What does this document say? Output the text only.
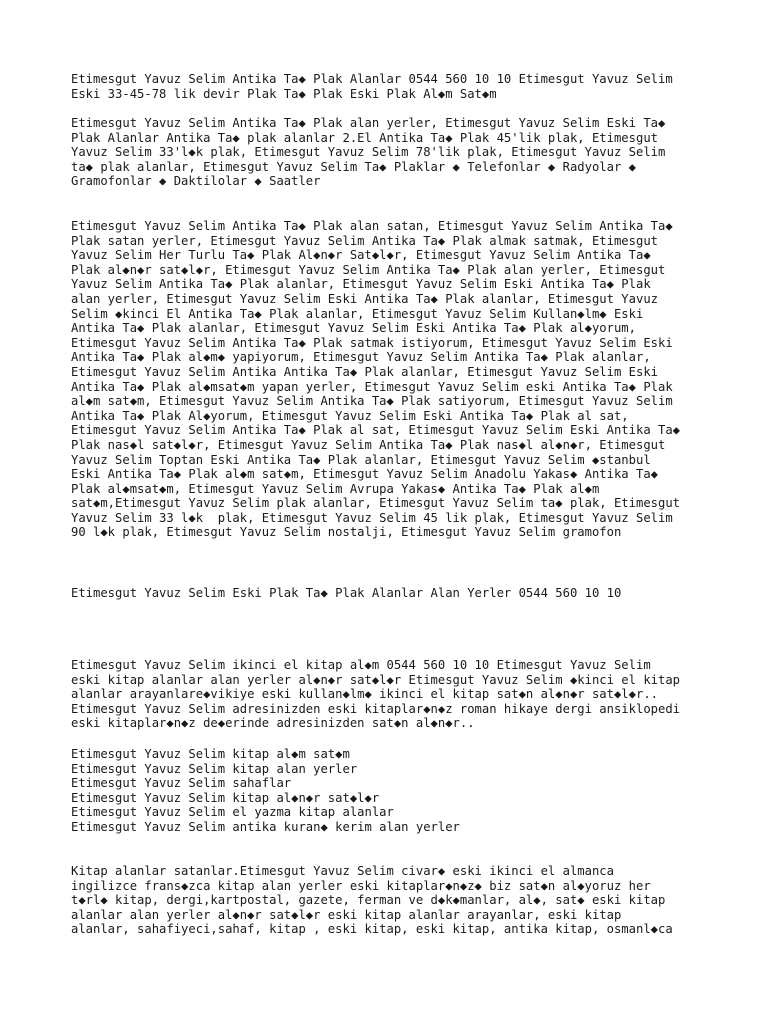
Etimesgut Yavuz Selim Antika Ta◆ Plak Alanlar 0544 560 10 10 Etimesgut Yavuz Selim
Eski 33-45-78 lik devir Plak Ta◆ Plak Eski Plak Al◆m Sat◆m

Etimesgut Yavuz Selim Antika Ta◆ Plak alan yerler, Etimesgut Yavuz Selim Eski Ta◆
Plak Alanlar Antika Ta◆ plak alanlar 2.El Antika Ta◆ Plak 45'lik plak, Etimesgut
Yavuz Selim 33'l◆k plak, Etimesgut Yavuz Selim 78'lik plak, Etimesgut Yavuz Selim
ta◆ plak alanlar, Etimesgut Yavuz Selim Ta◆ Plaklar ◆ Telefonlar ◆ Radyolar ◆
Gramofonlar ◆ Daktilolar ◆ Saatler

Etimesgut Yavuz Selim Antika Ta◆ Plak alan satan, Etimesgut Yavuz Selim Antika Ta◆
Plak satan yerler, Etimesgut Yavuz Selim Antika Ta◆ Plak almak satmak, Etimesgut
Yavuz Selim Her Turlu Ta◆ Plak Al◆n◆r Sat◆l◆r, Etimesgut Yavuz Selim Antika Ta◆
Plak al◆n◆r sat◆l◆r, Etimesgut Yavuz Selim Antika Ta◆ Plak alan yerler, Etimesgut
Yavuz Selim Antika Ta◆ Plak alanlar, Etimesgut Yavuz Selim Eski Antika Ta◆ Plak
alan yerler, Etimesgut Yavuz Selim Eski Antika Ta◆ Plak alanlar, Etimesgut Yavuz
Selim ◆kinci El Antika Ta◆ Plak alanlar, Etimesgut Yavuz Selim Kullan◆lm◆ Eski
Antika Ta◆ Plak alanlar, Etimesgut Yavuz Selim Eski Antika Ta◆ Plak al◆yorum,
Etimesgut Yavuz Selim Antika Ta◆ Plak satmak istiyorum, Etimesgut Yavuz Selim Eski
Antika Ta◆ Plak al◆m◆ yapiyorum, Etimesgut Yavuz Selim Antika Ta◆ Plak alanlar,
Etimesgut Yavuz Selim Antika Antika Ta◆ Plak alanlar, Etimesgut Yavuz Selim Eski
Antika Ta◆ Plak al◆msat◆m yapan yerler, Etimesgut Yavuz Selim eski Antika Ta◆ Plak
al◆m sat◆m, Etimesgut Yavuz Selim Antika Ta◆ Plak satiyorum, Etimesgut Yavuz Selim
Antika Ta◆ Plak Al◆yorum, Etimesgut Yavuz Selim Eski Antika Ta◆ Plak al sat,
Etimesgut Yavuz Selim Antika Ta◆ Plak al sat, Etimesgut Yavuz Selim Eski Antika Ta◆
Plak nas◆l sat◆l◆r, Etimesgut Yavuz Selim Antika Ta◆ Plak nas◆l al◆n◆r, Etimesgut
Yavuz Selim Toptan Eski Antika Ta◆ Plak alanlar, Etimesgut Yavuz Selim ◆stanbul
Eski Antika Ta◆ Plak al◆m sat◆m, Etimesgut Yavuz Selim Anadolu Yakas◆ Antika Ta◆
Plak al◆msat◆m, Etimesgut Yavuz Selim Avrupa Yakas◆ Antika Ta◆ Plak al◆m
sat◆m,Etimesgut Yavuz Selim plak alanlar, Etimesgut Yavuz Selim ta◆ plak, Etimesgut
Yavuz Selim 33 l◆k  plak, Etimesgut Yavuz Selim 45 lik plak, Etimesgut Yavuz Selim
90 l◆k plak, Etimesgut Yavuz Selim nostalji, Etimesgut Yavuz Selim gramofon

Etimesgut Yavuz Selim Eski Plak Ta◆ Plak Alanlar Alan Yerler 0544 560 10 10

Etimesgut Yavuz Selim ikinci el kitap al◆m 0544 560 10 10 Etimesgut Yavuz Selim
eski kitap alanlar alan yerler al◆n◆r sat◆l◆r Etimesgut Yavuz Selim ◆kinci el kitap
alanlar arayanlare◆vikiye eski kullan◆lm◆ ikinci el kitap sat◆n al◆n◆r sat◆l◆r..
Etimesgut Yavuz Selim adresinizden eski kitaplar◆n◆z roman hikaye dergi ansiklopedi
eski kitaplar◆n◆z de◆erinde adresinizden sat◆n al◆n◆r..

Etimesgut Yavuz Selim kitap al◆m sat◆m
Etimesgut Yavuz Selim kitap alan yerler
Etimesgut Yavuz Selim sahaflar
Etimesgut Yavuz Selim kitap al◆n◆r sat◆l◆r
Etimesgut Yavuz Selim el yazma kitap alanlar
Etimesgut Yavuz Selim antika kuran◆ kerim alan yerler

Kitap alanlar satanlar.Etimesgut Yavuz Selim civar◆ eski ikinci el almanca
ingilizce frans◆zca kitap alan yerler eski kitaplar◆n◆z◆ biz sat◆n al◆yoruz her
t◆rl◆ kitap, dergi,kartpostal, gazete, ferman ve d◆k◆manlar, al◆, sat◆ eski kitap
alanlar alan yerler al◆n◆r sat◆l◆r eski kitap alanlar arayanlar, eski kitap
alanlar, sahafiyeci,sahaf, kitap , eski kitap, eski kitap, antika kitap, osmanl◆ca
